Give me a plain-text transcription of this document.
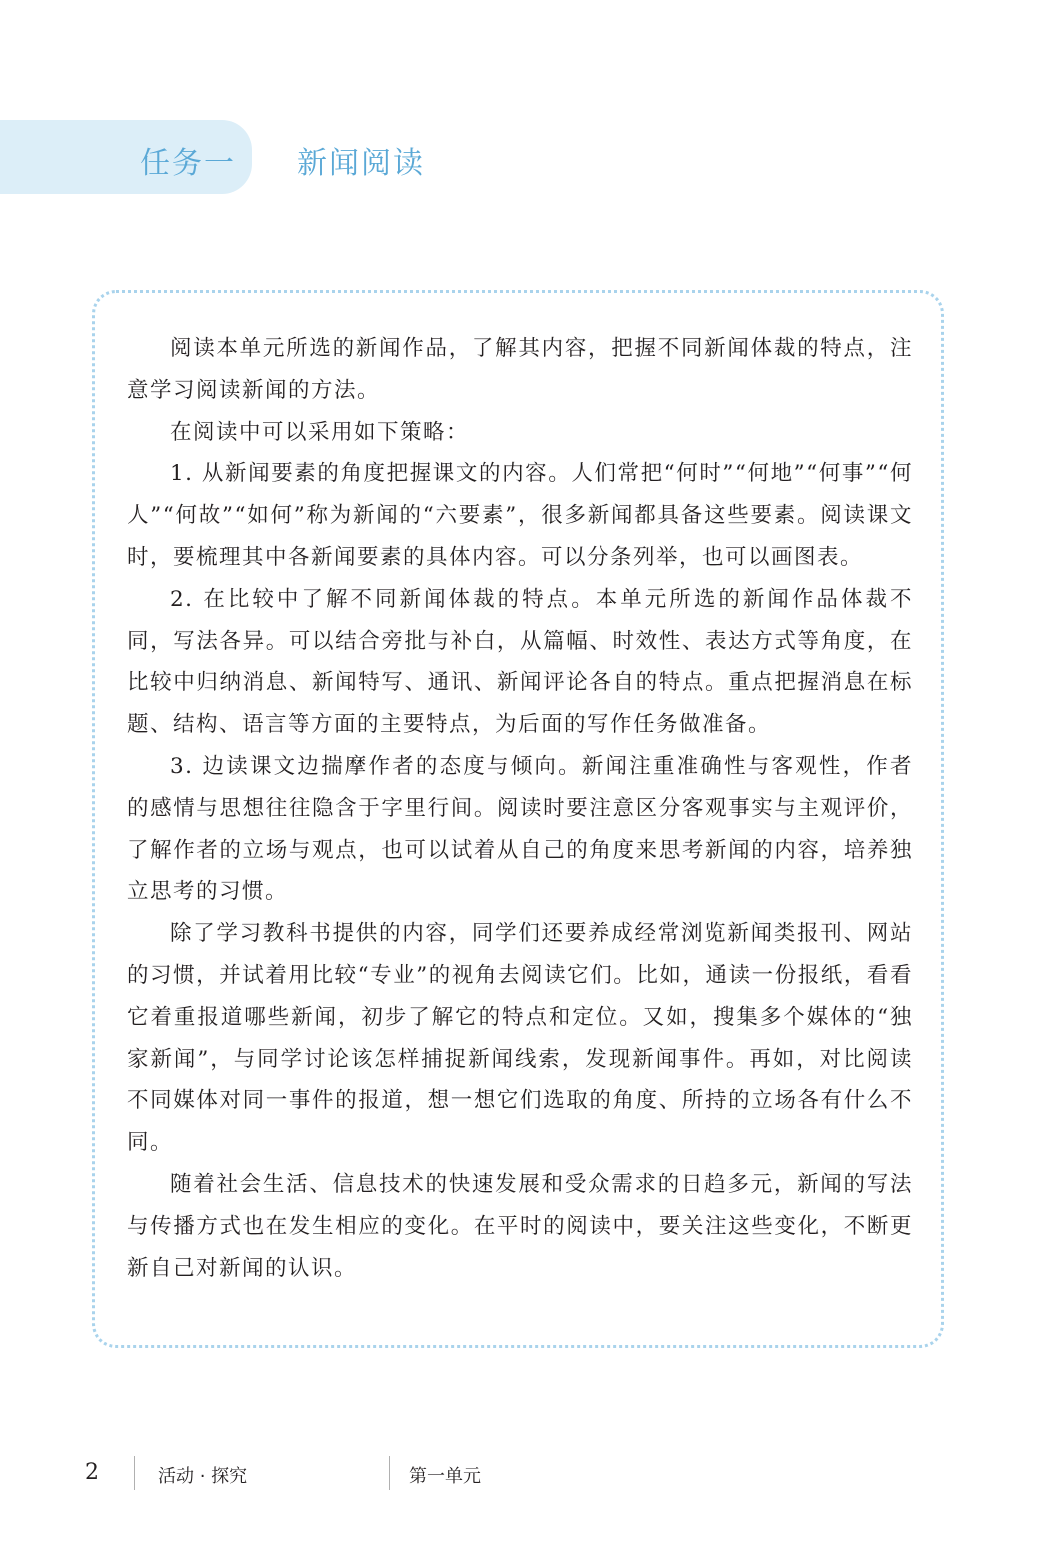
任务一 新闻阅读

阅读本单元所选的新闻作品，了解其内容，把握不同新闻体裁的特点，注意学习阅读新闻的方法。

在阅读中可以采用如下策略：

1. 从新闻要素的角度把握课文的内容。人们常把“何时”“何地”“何事”“何人”“何故”“如何”称为新闻的“六要素”，很多新闻都具备这些要素。阅读课文时，要梳理其中各新闻要素的具体内容。可以分条列举，也可以画图表。

2. 在比较中了解不同新闻体裁的特点。本单元所选的新闻作品体裁不同，写法各异。可以结合旁批与补白，从篇幅、时效性、表达方式等角度，在比较中归纳消息、新闻特写、通讯、新闻评论各自的特点。重点把握消息在标题、结构、语言等方面的主要特点，为后面的写作任务做准备。

3. 边读课文边揣摩作者的态度与倾向。新闻注重准确性与客观性，作者的感情与思想往往隐含于字里行间。阅读时要注意区分客观事实与主观评价，了解作者的立场与观点，也可以试着从自己的角度来思考新闻的内容，培养独立思考的习惯。

除了学习教科书提供的内容，同学们还要养成经常浏览新闻类报刊、网站的习惯，并试着用比较“专业”的视角去阅读它们。比如，通读一份报纸，看看它着重报道哪些新闻，初步了解它的特点和定位。又如，搜集多个媒体的“独家新闻”，与同学讨论该怎样捕捉新闻线索，发现新闻事件。再如，对比阅读不同媒体对同一事件的报道，想一想它们选取的角度、所持的立场各有什么不同。

随着社会生活、信息技术的快速发展和受众需求的日趋多元，新闻的写法与传播方式也在发生相应的变化。在平时的阅读中，要关注这些变化，不断更新自己对新闻的认识。

2	活动 · 探究	第一单元
